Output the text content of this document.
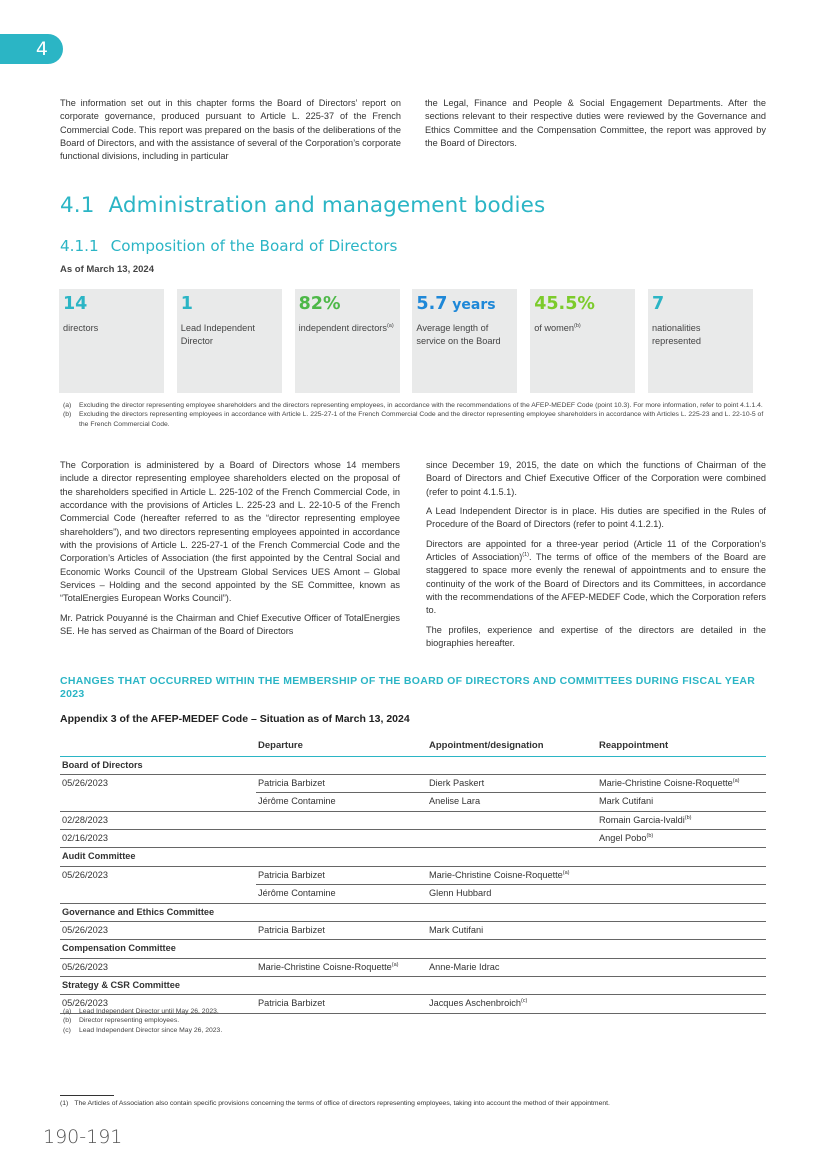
4
The information set out in this chapter forms the Board of Directors’ report on corporate governance, produced pursuant to Article L. 225-37 of the French Commercial Code. This report was prepared on the basis of the deliberations of the Board of Directors, and with the assistance of several of the Corporation’s corporate functional divisions, including in particular
the Legal, Finance and People & Social Engagement Departments. After the sections relevant to their respective duties were reviewed by the Governance and Ethics Committee and the Compensation Committee, the report was approved by the Board of Directors.
4.1 Administration and management bodies
4.1.1 Composition of the Board of Directors
As of March 13, 2024
14
directors
1
Lead Independent Director
82%
independent directors$^{(a)}$
5.7 years
Average length of service on the Board
45.5%
of women$^{(b)}$
7
nationalities represented
(a)	Excluding the director representing employee shareholders and the directors representing employees, in accordance with the recommendations of the AFEP-MEDEF Code (point 10.3). For more information, refer to point 4.1.1.4.
(b)	Excluding the directors representing employees in accordance with Article L. 225-27-1 of the French Commercial Code and the director representing employee shareholders in accordance with Articles L. 225-23 and L. 22-10-5 of the French Commercial Code.

The Corporation is administered by a Board of Directors whose 14 members include a director representing employee shareholders elected on the proposal of the shareholders specified in Article L. 225-102 of the French Commercial Code, in accordance with the provisions of Articles L. 225-23 and L. 22-10-5 of the French Commercial Code (hereafter referred to as the “director representing employee shareholders”), and two directors representing employees appointed in accordance with the provisions of Article L. 225-27-1 of the French Commercial Code and the Corporation’s Articles of Association (the first appointed by the Central Social and Economic Works Council of the Upstream Global Services UES Amont – Global Services – Holding and the second appointed by the SE Committee, known as “TotalEnergies European Works Council”).

Mr. Patrick Pouyanné is the Chairman and Chief Executive Officer of TotalEnergies SE. He has served as Chairman of the Board of Directors

since December 19, 2015, the date on which the functions of Chairman of the Board of Directors and Chief Executive Officer of the Corporation were combined (refer to point 4.1.5.1).

A Lead Independent Director is in place. His duties are specified in the Rules of Procedure of the Board of Directors (refer to point 4.1.2.1).

Directors are appointed for a three-year period (Article 11 of the Corporation’s Articles of Association)$^{(1)}$. The terms of office of the members of the Board are staggered to space more evenly the renewal of appointments and to ensure the continuity of the work of the Board of Directors and its Committees, in accordance with the recommendations of the AFEP-MEDEF Code, which the Corporation refers to.

The profiles, experience and expertise of the directors are detailed in the biographies hereafter.

CHANGES THAT OCCURRED WITHIN THE MEMBERSHIP OF THE BOARD OF DIRECTORS AND COMMITTEES DURING FISCAL YEAR 2023
Appendix 3 of the AFEP-MEDEF Code – Situation as of March 13, 2024
	Departure	Appointment/designation	Reappointment
Board of Directors			
05/26/2023	Patricia Barbizet	Dierk Paskert	Marie-Christine Coisne-Roquette$^{(a)}$
	Jérôme Contamine	Anelise Lara	Mark Cutifani
02/28/2023			Romain Garcia-Ivaldi$^{(b)}$
02/16/2023			Angel Pobo$^{(b)}$
Audit Committee			
05/26/2023	Patricia Barbizet	Marie-Christine Coisne-Roquette$^{(a)}$	
	Jérôme Contamine	Glenn Hubbard	
Governance and Ethics Committee			
05/26/2023	Patricia Barbizet	Mark Cutifani	
Compensation Committee			
05/26/2023	Marie-Christine Coisne-Roquette$^{(a)}$	Anne-Marie Idrac	
Strategy & CSR Committee			
05/26/2023	Patricia Barbizet	Jacques Aschenbroich$^{(c)}$	
(a)	Lead Independent Director until May 26, 2023.
(b)	Director representing employees.
(c)	Lead Independent Director since May 26, 2023.
(1) The Articles of Association also contain specific provisions concerning the terms of office of directors representing employees, taking into account the method of their appointment.
190-191
